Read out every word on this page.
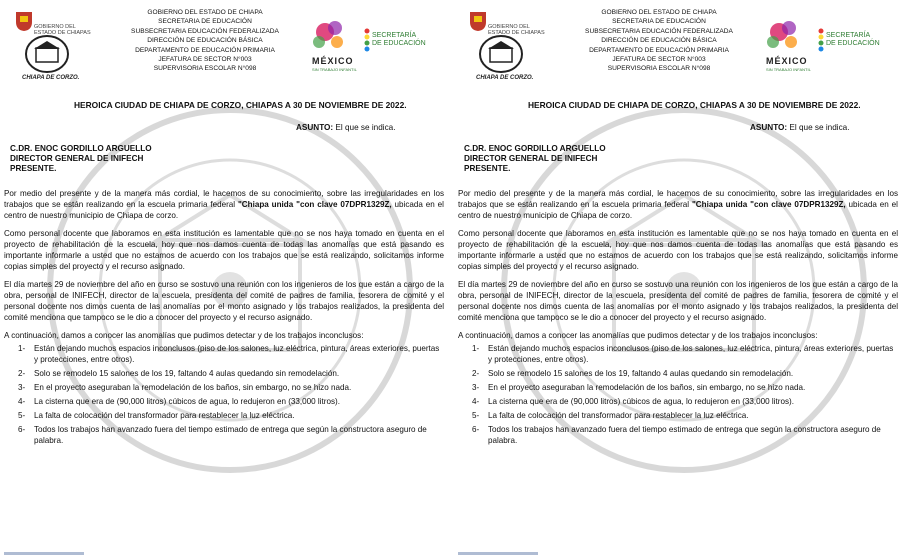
GOBIERNO DEL
ESTADO DE CHIAPAS
CHIAPA DE CORZO.
GOBIERNO DEL ESTADO DE CHIAPA
SECRETARIA DE EDUCACIÓN
SUBSECRETARIA EDUCACIÓN FEDERALIZADA
DIRECCIÓN DE EDUCACIÓN BÁSICA
DEPARTAMENTO DE EDUCACIÓN PRIMARIA
JEFATURA DE SECTOR N°003
SUPERVISORIA ESCOLAR N°098
MÉXICO
SIN TRABAJO INFANTIL
SECRETARÍA
DE EDUCACIÓN
HEROICA CIUDAD DE CHIAPA DE CORZO, CHIAPAS A 30 DE NOVIEMBRE DE 2022.
ASUNTO: El que se indica.
C.DR. ENOC GORDILLO ARGUELLO
DIRECTOR GENERAL DE INIFECH
PRESENTE.

Por medio del presente y de la manera más cordial, le hacemos de su conocimiento, sobre las irregularidades en los trabajos que se están realizando en la escuela primaria federal "Chiapa unida "con clave 07DPR1329Z, ubicada en el centro de nuestro municipio de Chiapa de corzo.

Como personal docente que laboramos en esta institución es lamentable que no se nos haya tomado en cuenta en el proyecto de rehabilitación de la escuela, hoy que nos damos cuenta de todas las anomalías que está pasando es importante informarle a usted que no estamos de acuerdo con los trabajos que se está realizando, solicitamos informe copias simples del proyecto y el recurso asignado.

El día martes 29 de noviembre del año en curso se sostuvo una reunión con los ingenieros de los que están a cargo de la obra, personal de INIFECH, director de la escuela, presidenta del comité de padres de familia, tesorera de comité y el personal docente nos dimos cuenta de las anomalías por el monto asignado y los trabajos realizados, la presidenta del comité menciona que tampoco se le dio a conocer del proyecto y el recurso asignado.

A continuación, damos a conocer las anomalías que pudimos detectar y de los trabajos inconclusos:

1- Están dejando muchos espacios inconclusos (piso de los salones, luz eléctrica, pintura, áreas exteriores, puertas y protecciones, entre otros).
2- Solo se remodelo 15 salones de los 19, faltando 4 aulas quedando sin remodelación.
3- En el proyecto aseguraban la remodelación de los baños, sin embargo, no se hizo nada.
4- La cisterna que era de (90,000 litros) cúbicos de agua, lo redujeron en (33,000 litros).
5- La falta de colocación del transformador para restablecer la luz eléctrica.
6- Todos los trabajos han avanzado fuera del tiempo estimado de entrega que según la constructora aseguro de palabra.
GOBIERNO DEL
ESTADO DE CHIAPAS
CHIAPA DE CORZO.
GOBIERNO DEL ESTADO DE CHIAPA
SECRETARIA DE EDUCACIÓN
SUBSECRETARIA EDUCACIÓN FEDERALIZADA
DIRECCIÓN DE EDUCACIÓN BÁSICA
DEPARTAMENTO DE EDUCACIÓN PRIMARIA
JEFATURA DE SECTOR N°003
SUPERVISORIA ESCOLAR N°098
MÉXICO
SIN TRABAJO INFANTIL
SECRETARÍA
DE EDUCACIÓN
HEROICA CIUDAD DE CHIAPA DE CORZO, CHIAPAS A 30 DE NOVIEMBRE DE 2022.
ASUNTO: El que se indica.
C.DR. ENOC GORDILLO ARGUELLO
DIRECTOR GENERAL DE INIFECH
PRESENTE.

Por medio del presente y de la manera más cordial, le hacemos de su conocimiento, sobre las irregularidades en los trabajos que se están realizando en la escuela primaria federal "Chiapa unida "con clave 07DPR1329Z, ubicada en el centro de nuestro municipio de Chiapa de corzo.

Como personal docente que laboramos en esta institución es lamentable que no se nos haya tomado en cuenta en el proyecto de rehabilitación de la escuela, hoy que nos damos cuenta de todas las anomalías que está pasando es importante informarle a usted que no estamos de acuerdo con los trabajos que se está realizando, solicitamos informe copias simples del proyecto y el recurso asignado.

El día martes 29 de noviembre del año en curso se sostuvo una reunión con los ingenieros de los que están a cargo de la obra, personal de INIFECH, director de la escuela, presidenta del comité de padres de familia, tesorera de comité y el personal docente nos dimos cuenta de las anomalías por el monto asignado y los trabajos realizados, la presidenta del comité menciona que tampoco se le dio a conocer del proyecto y el recurso asignado.

A continuación, damos a conocer las anomalías que pudimos detectar y de los trabajos inconclusos:

1- Están dejando muchos espacios inconclusos (piso de los salones, luz eléctrica, pintura, áreas exteriores, puertas y protecciones, entre otros).
2- Solo se remodelo 15 salones de los 19, faltando 4 aulas quedando sin remodelación.
3- En el proyecto aseguraban la remodelación de los baños, sin embargo, no se hizo nada.
4- La cisterna que era de (90,000 litros) cúbicos de agua, lo redujeron en (33,000 litros).
5- La falta de colocación del transformador para restablecer la luz eléctrica.
6- Todos los trabajos han avanzado fuera del tiempo estimado de entrega que según la constructora aseguro de palabra.
